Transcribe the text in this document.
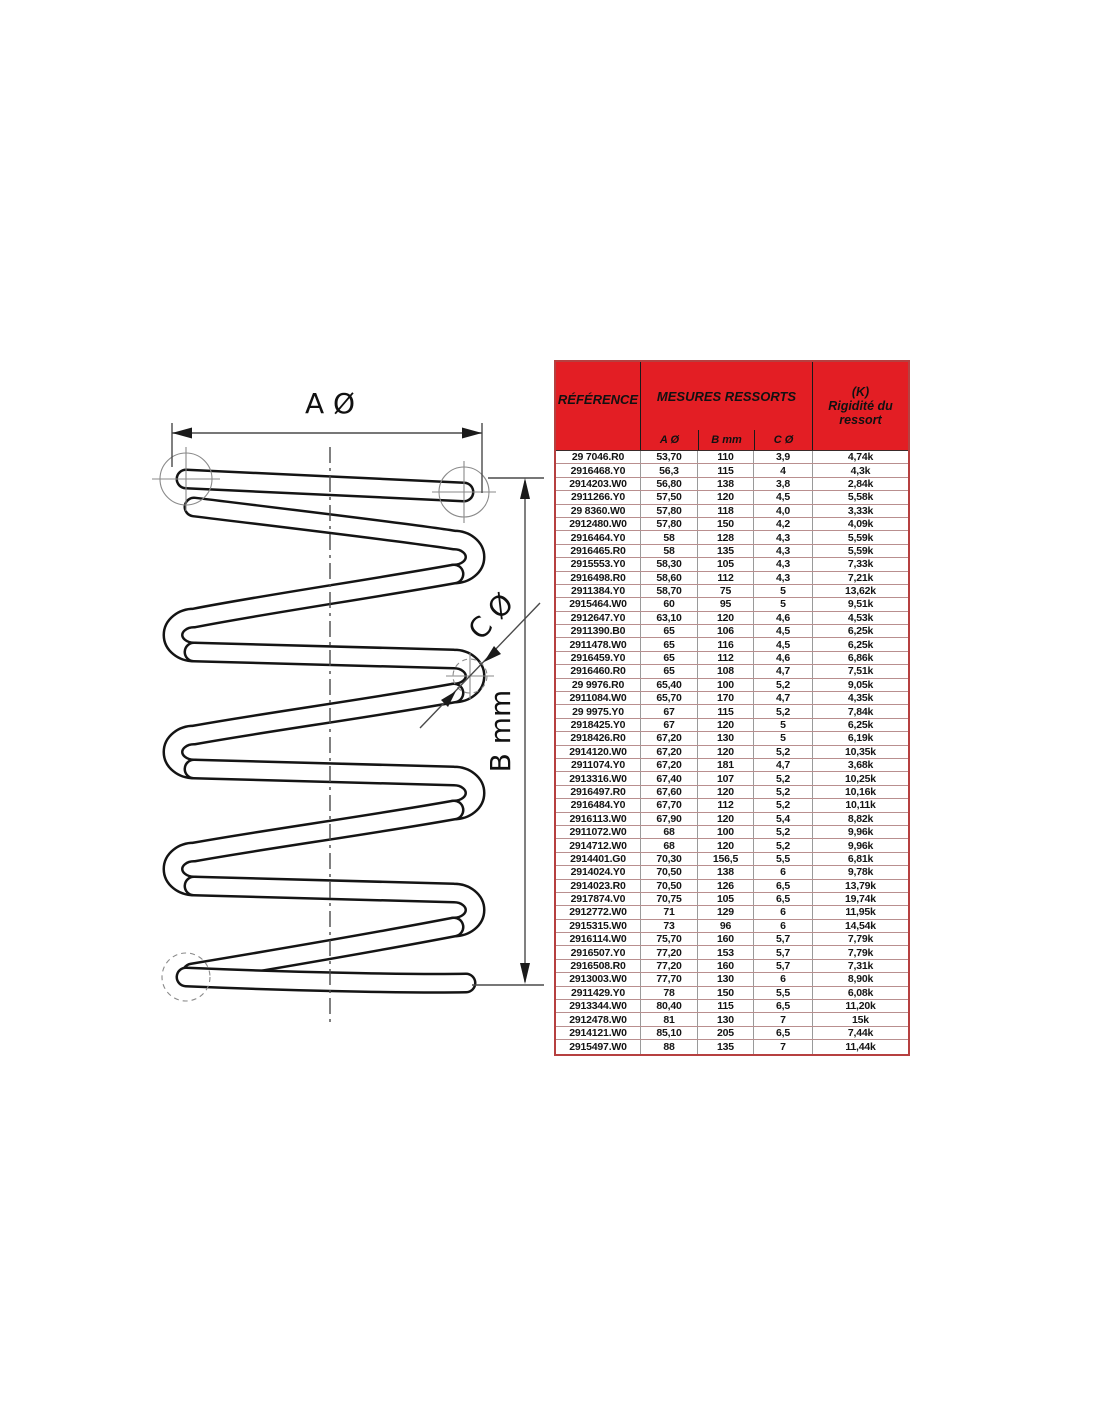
A Ø
B mm
C Ø
RÉFÉRENCE	MESURES RESSORTS
A Ø	B mm	C Ø
(K)
Rigidité du
ressort
29 7046.R0	53,70	110	3,9	4,74k
2916468.Y0	56,3	115	4	4,3k
2914203.W0	56,80	138	3,8	2,84k
2911266.Y0	57,50	120	4,5	5,58k
29 8360.W0	57,80	118	4,0	3,33k
2912480.W0	57,80	150	4,2	4,09k
2916464.Y0	58	128	4,3	5,59k
2916465.R0	58	135	4,3	5,59k
2915553.Y0	58,30	105	4,3	7,33k
2916498.R0	58,60	112	4,3	7,21k
2911384.Y0	58,70	75	5	13,62k
2915464.W0	60	95	5	9,51k
2912647.Y0	63,10	120	4,6	4,53k
2911390.B0	65	106	4,5	6,25k
2911478.W0	65	116	4,5	6,25k
2916459.Y0	65	112	4,6	6,86k
2916460.R0	65	108	4,7	7,51k
29 9976.R0	65,40	100	5,2	9,05k
2911084.W0	65,70	170	4,7	4,35k
29 9975.Y0	67	115	5,2	7,84k
2918425.Y0	67	120	5	6,25k
2918426.R0	67,20	130	5	6,19k
2914120.W0	67,20	120	5,2	10,35k
2911074.Y0	67,20	181	4,7	3,68k
2913316.W0	67,40	107	5,2	10,25k
2916497.R0	67,60	120	5,2	10,16k
2916484.Y0	67,70	112	5,2	10,11k
2916113.W0	67,90	120	5,4	8,82k
2911072.W0	68	100	5,2	9,96k
2914712.W0	68	120	5,2	9,96k
2914401.G0	70,30	156,5	5,5	6,81k
2914024.Y0	70,50	138	6	9,78k
2914023.R0	70,50	126	6,5	13,79k
2917874.V0	70,75	105	6,5	19,74k
2912772.W0	71	129	6	11,95k
2915315.W0	73	96	6	14,54k
2916114.W0	75,70	160	5,7	7,79k
2916507.Y0	77,20	153	5,7	7,79k
2916508.R0	77,20	160	5,7	7,31k
2913003.W0	77,70	130	6	8,90k
2911429.Y0	78	150	5,5	6,08k
2913344.W0	80,40	115	6,5	11,20k
2912478.W0	81	130	7	15k
2914121.W0	85,10	205	6,5	7,44k
2915497.W0	88	135	7	11,44k
